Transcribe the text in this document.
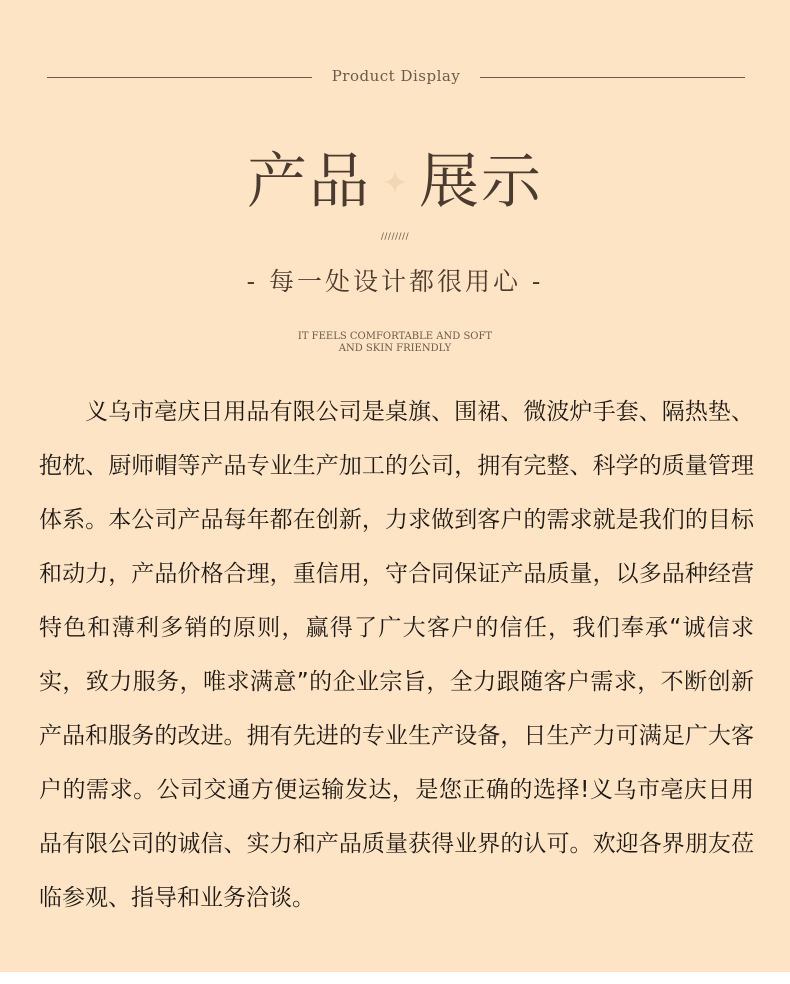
Product Display
产品 展示
////////
- 每一处设计都很用心 -
IT FEELS COMFORTABLE AND SOFT
AND SKIN FRIENDLY

义乌市亳庆日用品有限公司是桌旗、围裙、微波炉手套、隔热垫、抱枕、厨师帽等产品专业生产加工的公司，拥有完整、科学的质量管理体系。本公司产品每年都在创新，力求做到客户的需求就是我们的目标和动力，产品价格合理，重信用，守合同保证产品质量，以多品种经营特色和薄利多销的原则，赢得了广大客户的信任，我们奉承“诚信求实，致力服务，唯求满意”的企业宗旨，全力跟随客户需求，不断创新产品和服务的改进。拥有先进的专业生产设备，日生产力可满足广大客户的需求。公司交通方便运输发达，是您正确的选择!义乌市亳庆日用品有限公司的诚信、实力和产品质量获得业界的认可。欢迎各界朋友莅临参观、指导和业务洽谈。
